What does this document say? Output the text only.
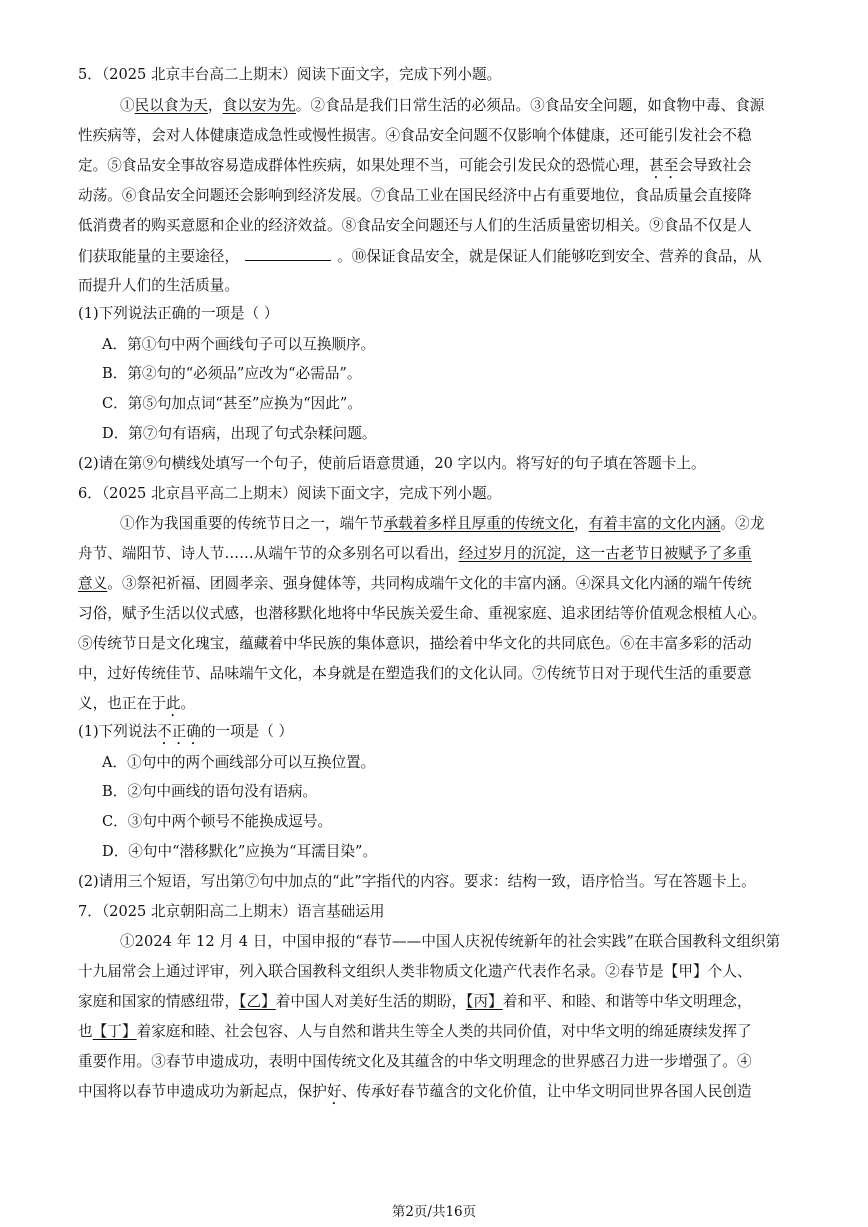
5．（2025 北京丰台高二上期末）阅读下面文字，完成下列小题。
①民以食为天，食以安为先。②食品是我们日常生活的必须品。③食品安全问题，如食物中毒、食源
性疾病等，会对人体健康造成急性或慢性损害。④食品安全问题不仅影响个体健康，还可能引发社会不稳
定。⑤食品安全事故容易造成群体性疾病，如果处理不当，可能会引发民众的恐慌心理，甚至会导致社会
动荡。⑥食品安全问题还会影响到经济发展。⑦食品工业在国民经济中占有重要地位，食品质量会直接降
低消费者的购买意愿和企业的经济效益。⑧食品安全问题还与人们的生活质量密切相关。⑨食品不仅是人
们获取能量的主要途径，	。⑩保证食品安全，就是保证人们能够吃到安全、营养的食品，从
而提升人们的生活质量。
(1)下列说法正确的一项是（ ）
A．第①句中两个画线句子可以互换顺序。
B．第②句的“必须品”应改为“必需品”。
C．第⑤句加点词“甚至”应换为“因此”。
D．第⑦句有语病，出现了句式杂糅问题。
(2)请在第⑨句横线处填写一个句子，使前后语意贯通，20 字以内。将写好的句子填在答题卡上。
6．（2025 北京昌平高二上期末）阅读下面文字，完成下列小题。
①作为我国重要的传统节日之一，端午节承载着多样且厚重的传统文化，有着丰富的文化内涵。②龙
舟节、端阳节、诗人节……从端午节的众多别名可以看出，经过岁月的沉淀，这一古老节日被赋予了多重
意义。③祭祀祈福、团圆孝亲、强身健体等，共同构成端午文化的丰富内涵。④深具文化内涵的端午传统
习俗，赋予生活以仪式感，也潜移默化地将中华民族关爱生命、重视家庭、追求团结等价值观念根植人心。
⑤传统节日是文化瑰宝，蕴藏着中华民族的集体意识，描绘着中华文化的共同底色。⑥在丰富多彩的活动
中，过好传统佳节、品味端午文化，本身就是在塑造我们的文化认同。⑦传统节日对于现代生活的重要意
义，也正在于此。
(1)下列说法不正确的一项是（ ）
A．①句中的两个画线部分可以互换位置。
B．②句中画线的语句没有语病。
C．③句中两个顿号不能换成逗号。
D．④句中“潜移默化”应换为“耳濡目染”。
(2)请用三个短语，写出第⑦句中加点的“此”字指代的内容。要求：结构一致，语序恰当。写在答题卡上。
7．（2025 北京朝阳高二上期末）语言基础运用
①2024 年 12 月 4 日，中国申报的“春节——中国人庆祝传统新年的社会实践”在联合国教科文组织第
十九届常会上通过评审，列入联合国教科文组织人类非物质文化遗产代表作名录。②春节是【甲】个人、
家庭和国家的情感纽带，【乙】着中国人对美好生活的期盼，【丙】着和平、和睦、和谐等中华文明理念，
也【丁】着家庭和睦、社会包容、人与自然和谐共生等全人类的共同价值，对中华文明的绵延赓续发挥了
重要作用。③春节申遗成功，表明中国传统文化及其蕴含的中华文明理念的世界感召力进一步增强了。④
中国将以春节申遗成功为新起点，保护好、传承好春节蕴含的文化价值，让中华文明同世界各国人民创造
第2页/共16页
